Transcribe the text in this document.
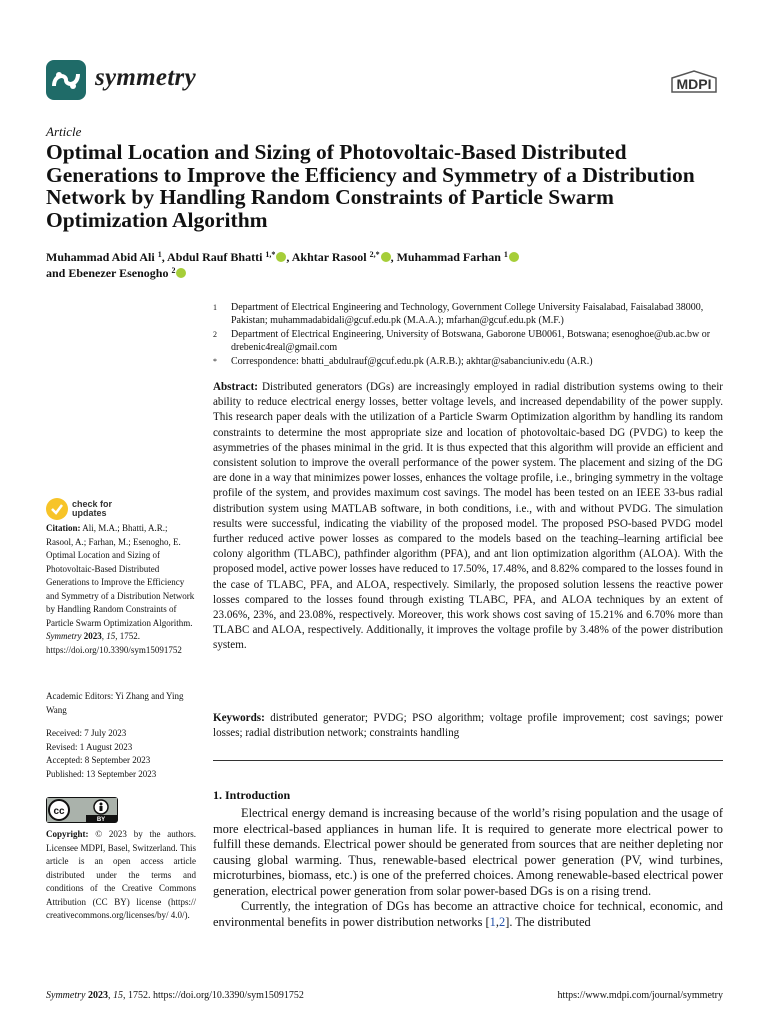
symmetry	MDPI
Article
Optimal Location and Sizing of Photovoltaic-Based Distributed Generations to Improve the Efficiency and Symmetry of a Distribution Network by Handling Random Constraints of Particle Swarm Optimization Algorithm
Muhammad Abid Ali $^1$, Abdul Rauf Bhatti $^{1,*}$ , Akhtar Rasool $^{2,*}$ , Muhammad Farhan $^1$
and Ebenezer Esenogho $^2$
1	Department of Electrical Engineering and Technology, Government College University Faisalabad, Faisalabad 38000, Pakistan; muhammadabidali@gcuf.edu.pk (M.A.A.); mfarhan@gcuf.edu.pk (M.F.)
2	Department of Electrical Engineering, University of Botswana, Gaborone UB0061, Botswana; esenoghoe@ub.ac.bw or drebenic4real@gmail.com
*	Correspondence: bhatti_abdulrauf@gcuf.edu.pk (A.R.B.); akhtar@sabanciuniv.edu (A.R.)
Abstract: Distributed generators (DGs) are increasingly employed in radial distribution systems owing to their ability to reduce electrical energy losses, better voltage levels, and increased dependability of the power supply. This research paper deals with the utilization of a Particle Swarm Optimization algorithm by handling its random constraints to determine the most appropriate size and location of photovoltaic-based DG (PVDG) to keep the asymmetries of the phases minimal in the grid. It is thus expected that this algorithm will provide an efficient and consistent solution to improve the overall performance of the power system. The placement and sizing of the DG are done in a way that minimizes power losses, enhances the voltage profile, i.e., bringing symmetry in the voltage profile of the system, and provides maximum cost savings. The model has been tested on an IEEE 33-bus radial distribution system using MATLAB software, in both conditions, i.e., with and without PVDG. The simulation results were successful, indicating the viability of the proposed model. The proposed PSO-based PVDG model further reduced active power losses as compared to the models based on the teaching–learning artificial bee colony algorithm (TLABC), pathfinder algorithm (PFA), and ant lion optimization algorithm (ALOA). With the proposed model, active power losses have reduced to 17.50%, 17.48%, and 8.82% compared to the losses found in the case of TLABC, PFA, and ALOA, respectively. Similarly, the proposed solution lessens the reactive power losses compared to the losses found through existing TLABC, PFA, and ALOA techniques by an extent of 23.06%, 23%, and 23.08%, respectively. Moreover, this work shows cost saving of 15.21% and 6.70% more than TLABC and ALOA, respectively. Additionally, it improves the voltage profile by 3.48% of the power distribution system.
Keywords: distributed generator; PVDG; PSO algorithm; voltage profile improvement; cost savings; power losses; radial distribution network; constraints handling
check for
updates
Citation: Ali, M.A.; Bhatti, A.R.; Rasool, A.; Farhan, M.; Esenogho, E. Optimal Location and Sizing of Photovoltaic-Based Distributed Generations to Improve the Efficiency and Symmetry of a Distribution Network by Handling Random Constraints of Particle Swarm Optimization Algorithm. Symmetry 2023, 15, 1752. https://doi.org/10.3390/sym15091752
Academic Editors: Yi Zhang and Ying Wang
Received: 7 July 2023
Revised: 1 August 2023
Accepted: 8 September 2023
Published: 13 September 2023
cc
BY
Copyright: © 2023 by the authors. Licensee MDPI, Basel, Switzerland. This article is an open access article distributed under the terms and conditions of the Creative Commons Attribution (CC BY) license (https:// creativecommons.org/licenses/by/ 4.0/).
1. Introduction

Electrical energy demand is increasing because of the world’s rising population and the usage of more electrical-based appliances in human life. It is required to generate more electrical power to fulfill these demands. Electrical power should be generated from sources that are neither depleting nor causing global warming. Thus, renewable-based electrical power generation (PV, wind turbines, microturbines, biomass, etc.) is one of the preferred choices. Among renewable-based electrical power generation, electrical power generation from solar power-based DGs is on a rising trend.

Currently, the integration of DGs has become an attractive choice for technical, economic, and environmental benefits in power distribution networks [1,2]. The distributed

Symmetry 2023, 15, 1752. https://doi.org/10.3390/sym15091752	https://www.mdpi.com/journal/symmetry
